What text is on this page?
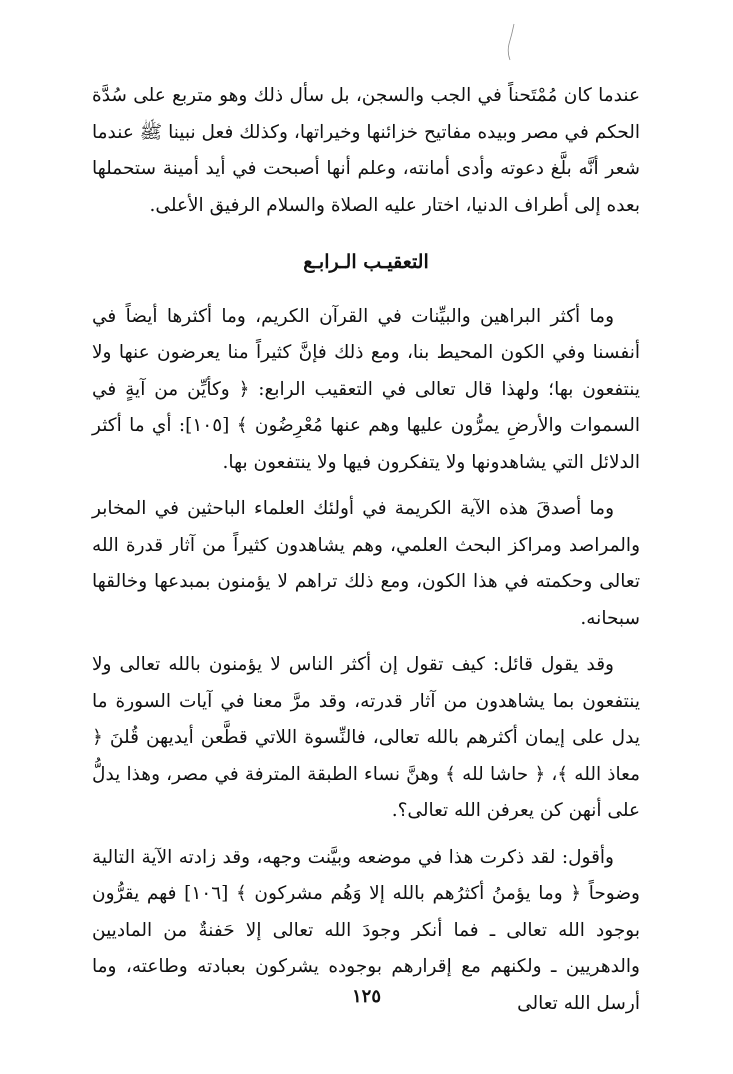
عندما كان مُمْتَحناً في الجب والسجن، بل سأل ذلك وهو متربع على سُدَّة الحكم في مصر وبيده مفاتيح خزائنها وخيراتها، وكذلك فعل نبينا ﷺ عندما شعر أنَّه بلَّغ دعوته وأدى أمانته، وعلم أنها أصبحت في أيد أمينة ستحملها بعده إلى أطراف الدنيا، اختار عليه الصلاة والسلام الرفيق الأعلى.

التعقيـب الـرابـع

وما أكثر البراهين والبيِّنات في القرآن الكريم، وما أكثرها أيضاً في أنفسنا وفي الكون المحيط بنا، ومع ذلك فإنَّ كثيراً منا يعرضون عنها ولا ينتفعون بها؛ ولهذا قال تعالى في التعقيب الرابع: ﴿ وكأيِّن من آيةٍ في السموات والأرضِ يمرُّون عليها وهم عنها مُعْرِضُون ﴾ [١٠٥]: أي ما أكثر الدلائل التي يشاهدونها ولا يتفكرون فيها ولا ينتفعون بها.

وما أصدقَ هذه الآية الكريمة في أولئك العلماء الباحثين في المخابر والمراصد ومراكز البحث العلمي، وهم يشاهدون كثيراً من آثار قدرة الله تعالى وحكمته في هذا الكون، ومع ذلك تراهم لا يؤمنون بمبدعها وخالقها سبحانه.

وقد يقول قائل: كيف تقول إن أكثر الناس لا يؤمنون بالله تعالى ولا ينتفعون بما يشاهدون من آثار قدرته، وقد مرَّ معنا في آيات السورة ما يدل على إيمان أكثرهم بالله تعالى، فالنِّسوة اللاتي قطَّعن أيديهن قُلنَ ﴿ معاذ الله ﴾، ﴿ حاشا لله ﴾ وهنَّ نساء الطبقة المترفة في مصر، وهذا يدلُّ على أنهن كن يعرفن الله تعالى؟.

وأقول: لقد ذكرت هذا في موضعه وبيَّنت وجهه، وقد زادته الآية التالية وضوحاً ﴿ وما يؤمنُ أكثرُهم بالله إلا وَهُم مشركون ﴾ [١٠٦] فهم يقرُّون بوجود الله تعالى ـ فما أنكر وجودَ الله تعالى إلا حَفنةٌ من الماديين والدهريين ـ ولكنهم مع إقرارهم بوجوده يشركون بعبادته وطاعته، وما أرسل الله تعالى

١٢٥
